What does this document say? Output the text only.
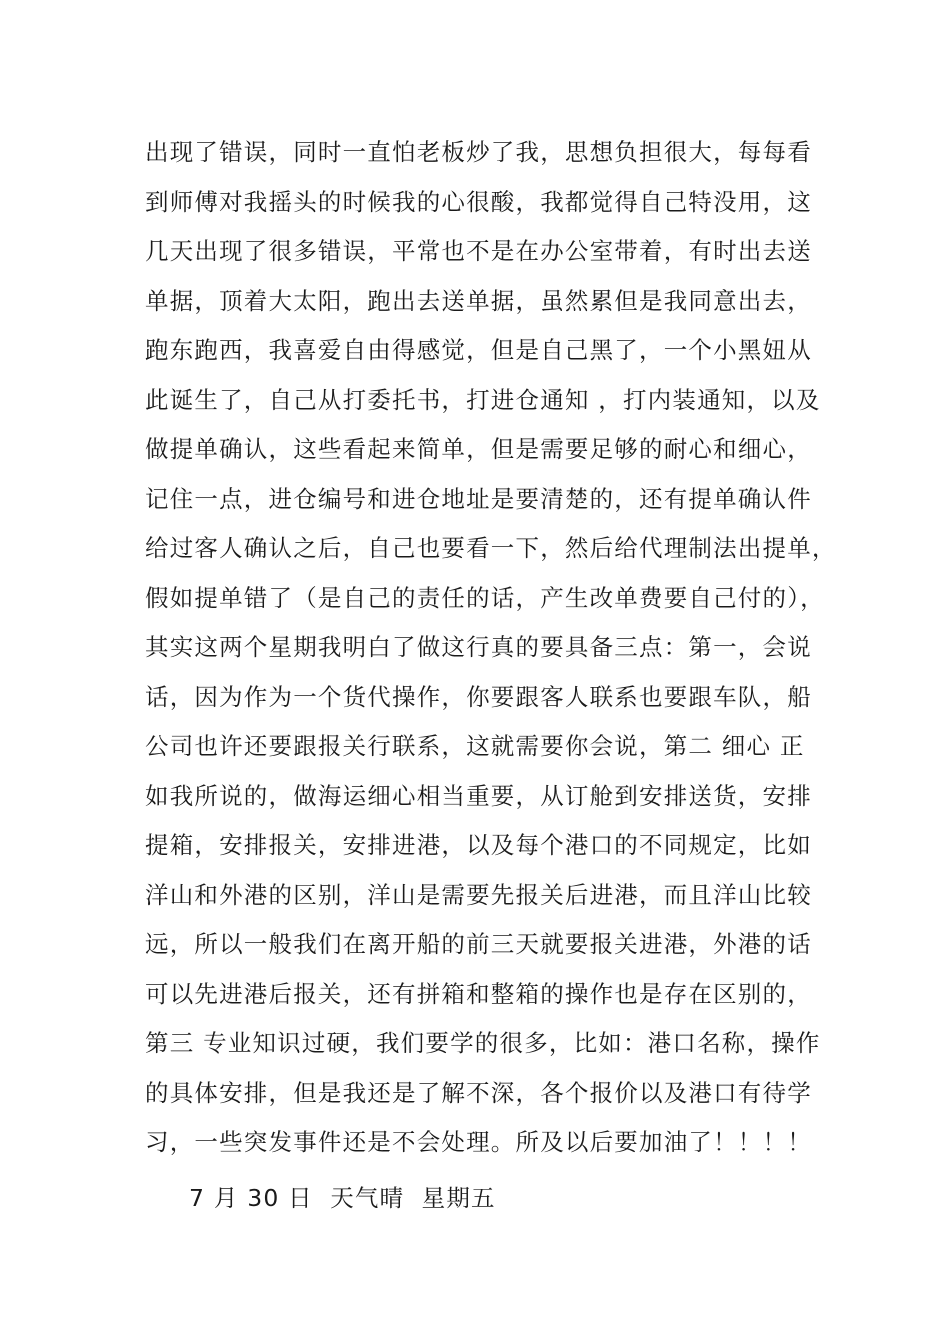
出现了错误，同时一直怕老板炒了我，思想负担很大，每每看
到师傅对我摇头的时候我的心很酸，我都觉得自己特没用，这
几天出现了很多错误，平常也不是在办公室带着，有时出去送
单据，顶着大太阳，跑出去送单据，虽然累但是我同意出去，
跑东跑西，我喜爱自由得感觉，但是自己黑了，一个小黑妞从
此诞生了，自己从打委托书，打进仓通知 ，打内装通知，以及
做提单确认，这些看起来简单，但是需要足够的耐心和细心，
记住一点，进仓编号和进仓地址是要清楚的，还有提单确认件
给过客人确认之后，自己也要看一下，然后给代理制法出提单，
假如提单错了（是自己的责任的话，产生改单费要自己付的），
其实这两个星期我明白了做这行真的要具备三点：第一，会说
话，因为作为一个货代操作，你要跟客人联系也要跟车队，船
公司也许还要跟报关行联系，这就需要你会说，第二 细心 正
如我所说的，做海运细心相当重要，从订舱到安排送货，安排
提箱，安排报关，安排进港，以及每个港口的不同规定，比如
洋山和外港的区别，洋山是需要先报关后进港，而且洋山比较
远，所以一般我们在离开船的前三天就要报关进港，外港的话
可以先进港后报关，还有拼箱和整箱的操作也是存在区别的，
第三 专业知识过硬，我们要学的很多，比如：港口名称，操作
的具体安排，但是我还是了解不深，各个报价以及港口有待学
习，一些突发事件还是不会处理。所及以后要加油了！！！！
7 月 30 日  天气晴  星期五
